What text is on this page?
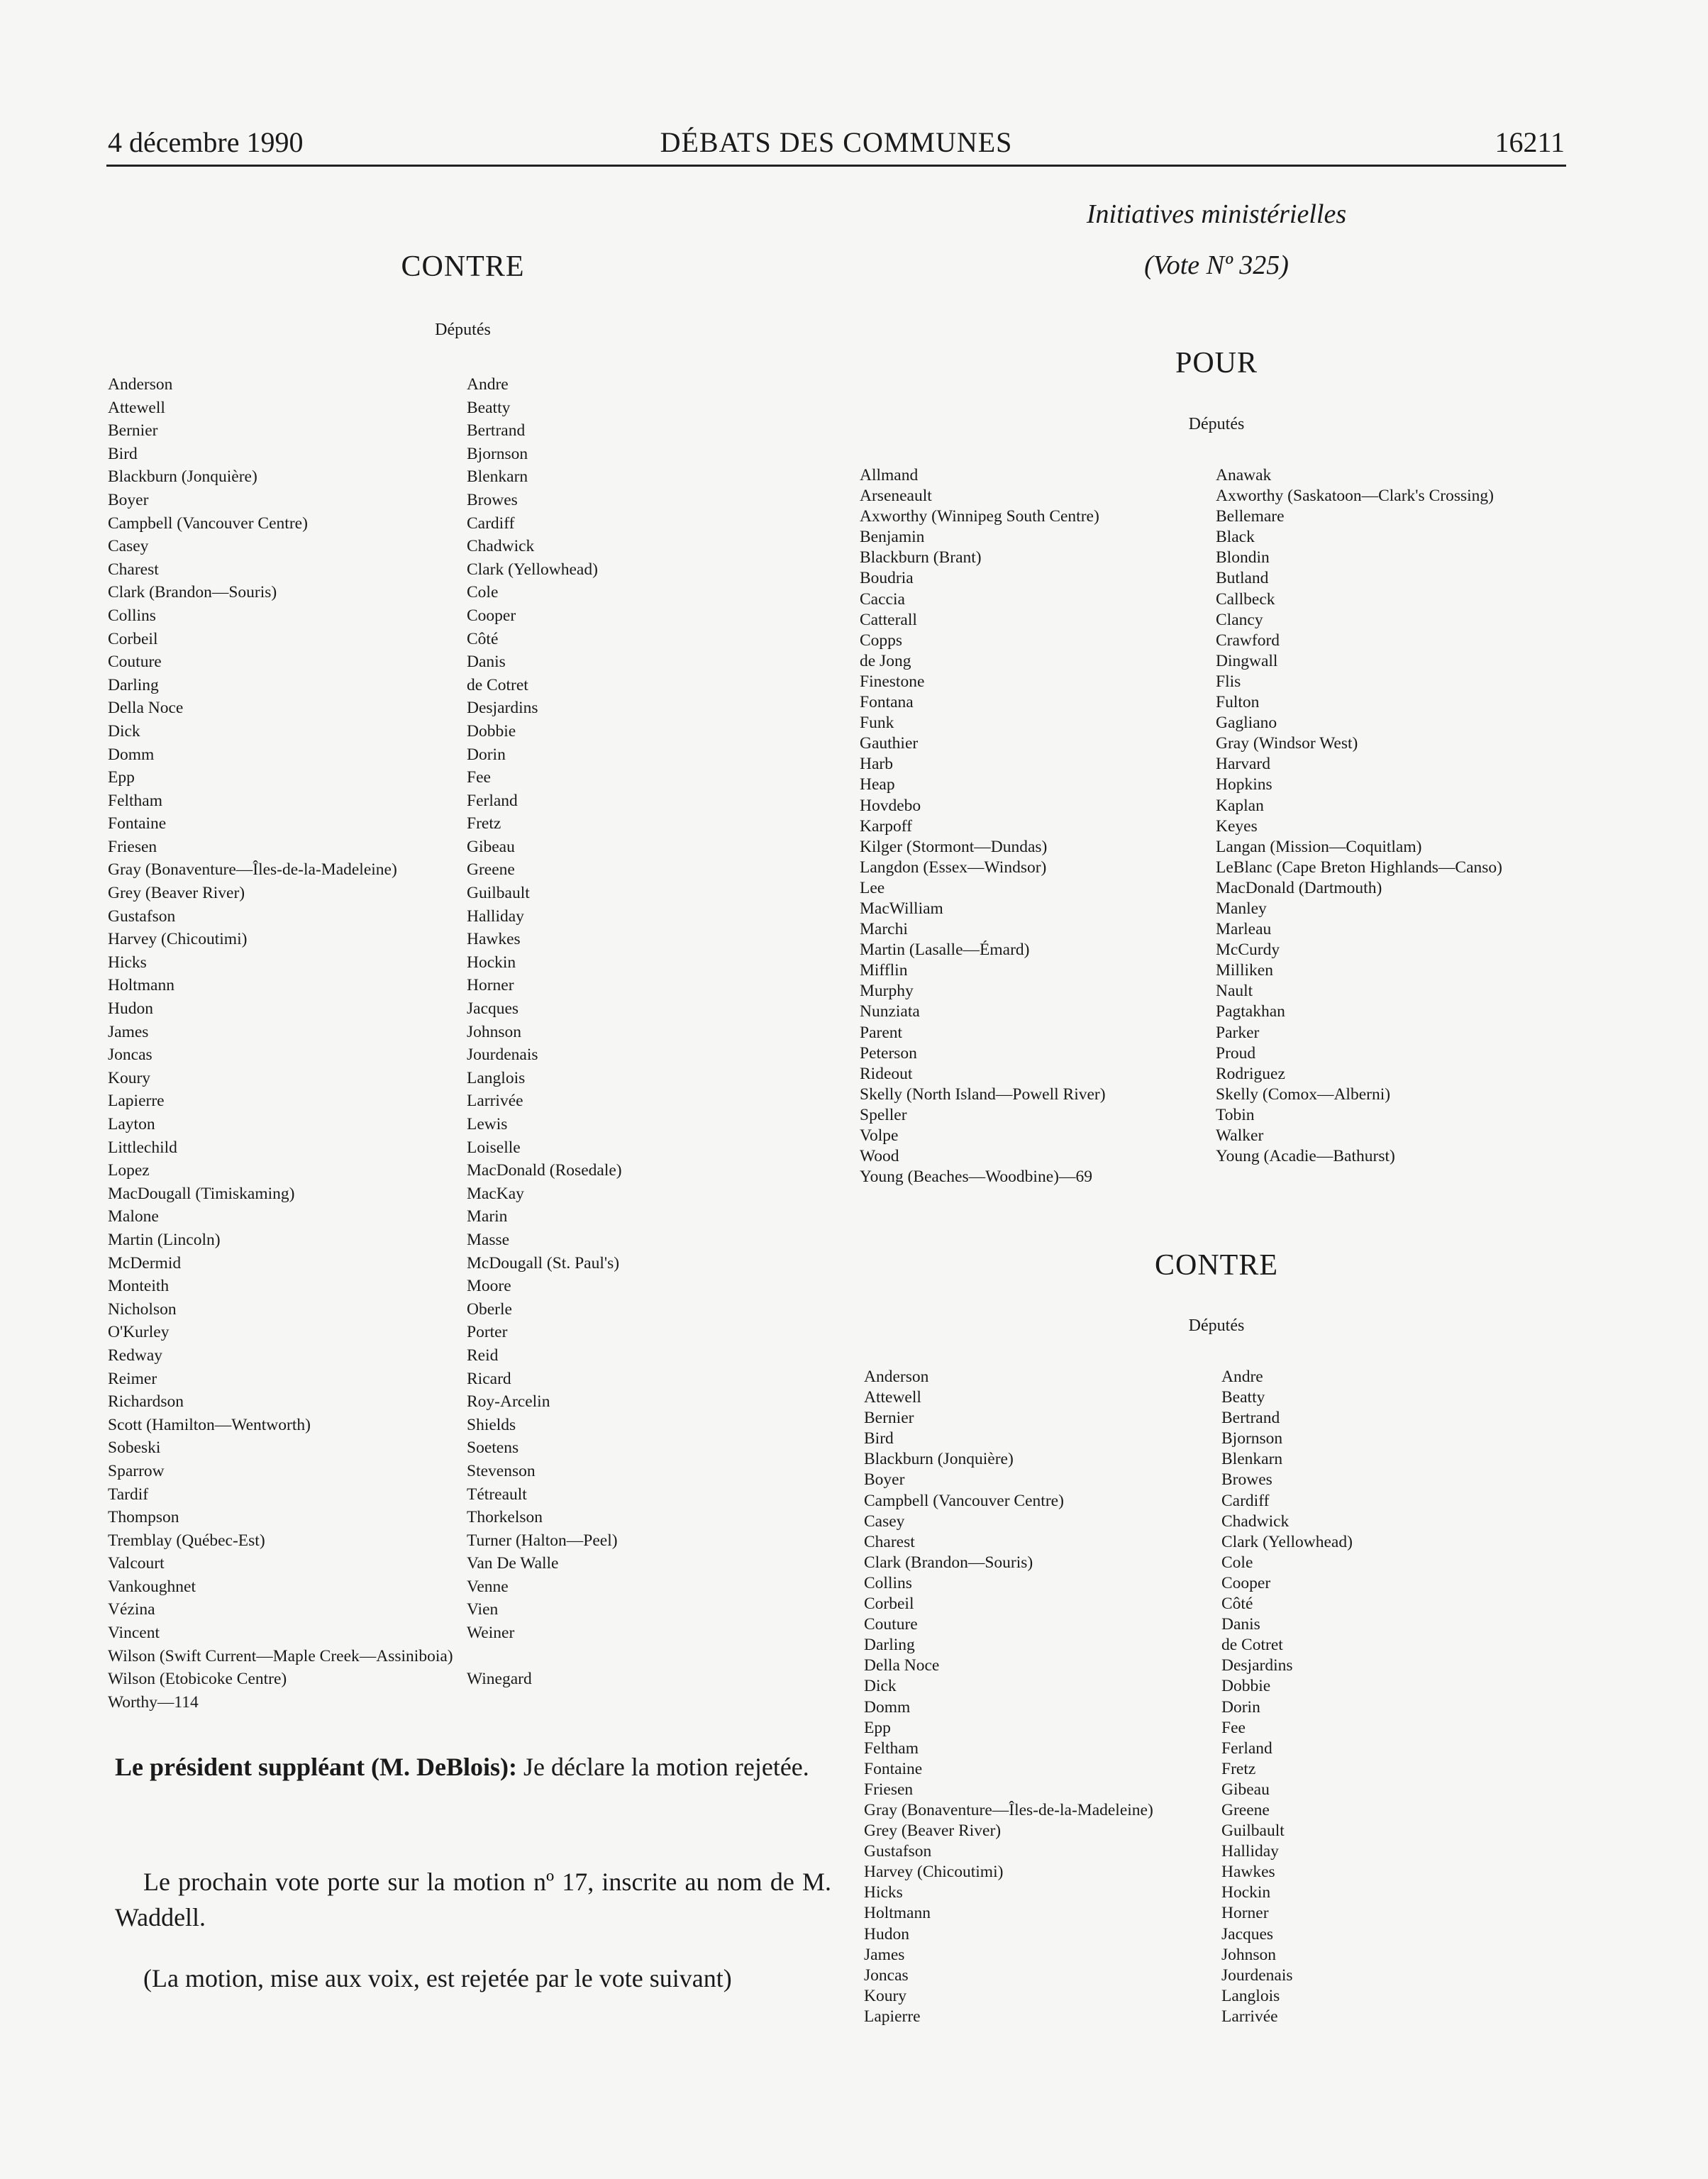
4 décembre 1990	DÉBATS DES COMMUNES	16211
CONTRE
Députés
Anderson
Attewell
Bernier
Bird
Blackburn (Jonquière)
Boyer
Campbell (Vancouver Centre)
Casey
Charest
Clark (Brandon—Souris)
Collins
Corbeil
Couture
Darling
Della Noce
Dick
Domm
Epp
Feltham
Fontaine
Friesen
Gray (Bonaventure—Îles-de-la-Madeleine)
Grey (Beaver River)
Gustafson
Harvey (Chicoutimi)
Hicks
Holtmann
Hudon
James
Joncas
Koury
Lapierre
Layton
Littlechild
Lopez
MacDougall (Timiskaming)
Malone
Martin (Lincoln)
McDermid
Monteith
Nicholson
O'Kurley
Redway
Reimer
Richardson
Scott (Hamilton—Wentworth)
Sobeski
Sparrow
Tardif
Thompson
Tremblay (Québec-Est)
Valcourt
Vankoughnet
Vézina
Vincent
Wilson (Swift Current—Maple Creek—Assiniboia)
Wilson (Etobicoke Centre)
Worthy—114
Andre
Beatty
Bertrand
Bjornson
Blenkarn
Browes
Cardiff
Chadwick
Clark (Yellowhead)
Cole
Cooper
Côté
Danis
de Cotret
Desjardins
Dobbie
Dorin
Fee
Ferland
Fretz
Gibeau
Greene
Guilbault
Halliday
Hawkes
Hockin
Horner
Jacques
Johnson
Jourdenais
Langlois
Larrivée
Lewis
Loiselle
MacDonald (Rosedale)
MacKay
Marin
Masse
McDougall (St. Paul's)
Moore
Oberle
Porter
Reid
Ricard
Roy-Arcelin
Shields
Soetens
Stevenson
Tétreault
Thorkelson
Turner (Halton—Peel)
Van De Walle
Venne
Vien
Weiner
Winegard
Le président suppléant (M. DeBlois): Je déclare la motion rejetée.
Le prochain vote porte sur la motion nº 17, inscrite au nom de M. Waddell.
(La motion, mise aux voix, est rejetée par le vote suivant)
Initiatives ministérielles
(Vote Nº 325)
POUR
Députés
Allmand
Arseneault
Axworthy (Winnipeg South Centre)
Benjamin
Blackburn (Brant)
Boudria
Caccia
Catterall
Copps
de Jong
Finestone
Fontana
Funk
Gauthier
Harb
Heap
Hovdebo
Karpoff
Kilger (Stormont—Dundas)
Langdon (Essex—Windsor)
Lee
MacWilliam
Marchi
Martin (Lasalle—Émard)
Mifflin
Murphy
Nunziata
Parent
Peterson
Rideout
Skelly (North Island—Powell River)
Speller
Volpe
Wood
Young (Beaches—Woodbine)—69
Anawak
Axworthy (Saskatoon—Clark's Crossing)
Bellemare
Black
Blondin
Butland
Callbeck
Clancy
Crawford
Dingwall
Flis
Fulton
Gagliano
Gray (Windsor West)
Harvard
Hopkins
Kaplan
Keyes
Langan (Mission—Coquitlam)
LeBlanc (Cape Breton Highlands—Canso)
MacDonald (Dartmouth)
Manley
Marleau
McCurdy
Milliken
Nault
Pagtakhan
Parker
Proud
Rodriguez
Skelly (Comox—Alberni)
Tobin
Walker
Young (Acadie—Bathurst)
CONTRE
Députés
Anderson
Attewell
Bernier
Bird
Blackburn (Jonquière)
Boyer
Campbell (Vancouver Centre)
Casey
Charest
Clark (Brandon—Souris)
Collins
Corbeil
Couture
Darling
Della Noce
Dick
Domm
Epp
Feltham
Fontaine
Friesen
Gray (Bonaventure—Îles-de-la-Madeleine)
Grey (Beaver River)
Gustafson
Harvey (Chicoutimi)
Hicks
Holtmann
Hudon
James
Joncas
Koury
Lapierre
Andre
Beatty
Bertrand
Bjornson
Blenkarn
Browes
Cardiff
Chadwick
Clark (Yellowhead)
Cole
Cooper
Côté
Danis
de Cotret
Desjardins
Dobbie
Dorin
Fee
Ferland
Fretz
Gibeau
Greene
Guilbault
Halliday
Hawkes
Hockin
Horner
Jacques
Johnson
Jourdenais
Langlois
Larrivée
